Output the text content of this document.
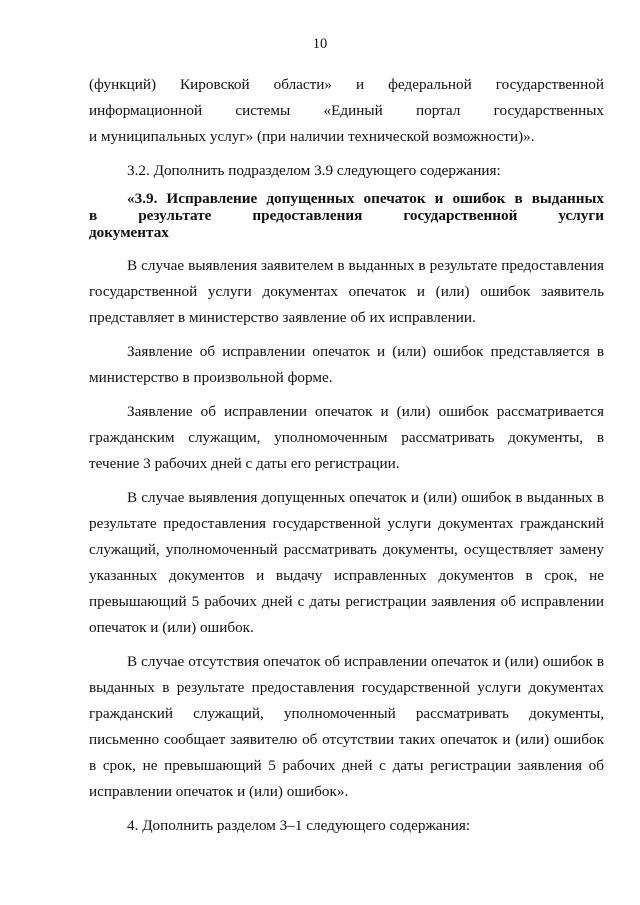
10
(функций) Кировской области» и федеральной государственной
информационной системы «Единый портал государственных
и муниципальных услуг» (при наличии технической возможности)».

3.2. Дополнить подразделом 3.9 следующего содержания:

«3.9. Исправление допущенных опечаток и ошибок в выданных
в результате предоставления государственной услуги
документах

В случае выявления заявителем в выданных в результате предоставления государственной услуги документах опечаток и (или) ошибок заявитель представляет в министерство заявление об их исправлении.

Заявление об исправлении опечаток и (или) ошибок представляется в министерство в произвольной форме.

Заявление об исправлении опечаток и (или) ошибок рассматривается гражданским служащим, уполномоченным рассматривать документы, в течение 3 рабочих дней с даты его регистрации.

В случае выявления допущенных опечаток и (или) ошибок в выданных в результате предоставления государственной услуги документах гражданский служащий, уполномоченный рассматривать документы, осуществляет замену указанных документов и выдачу исправленных документов в срок, не превышающий 5 рабочих дней с даты регистрации заявления об исправлении опечаток и (или) ошибок.

В случае отсутствия опечаток об исправлении опечаток и (или) ошибок в выданных в результате предоставления государственной услуги документах гражданский служащий, уполномоченный рассматривать документы, письменно сообщает заявителю об отсутствии таких опечаток и (или) ошибок в срок, не превышающий 5 рабочих дней с даты регистрации заявления об исправлении опечаток и (или) ошибок».

4. Дополнить разделом 3–1 следующего содержания:
